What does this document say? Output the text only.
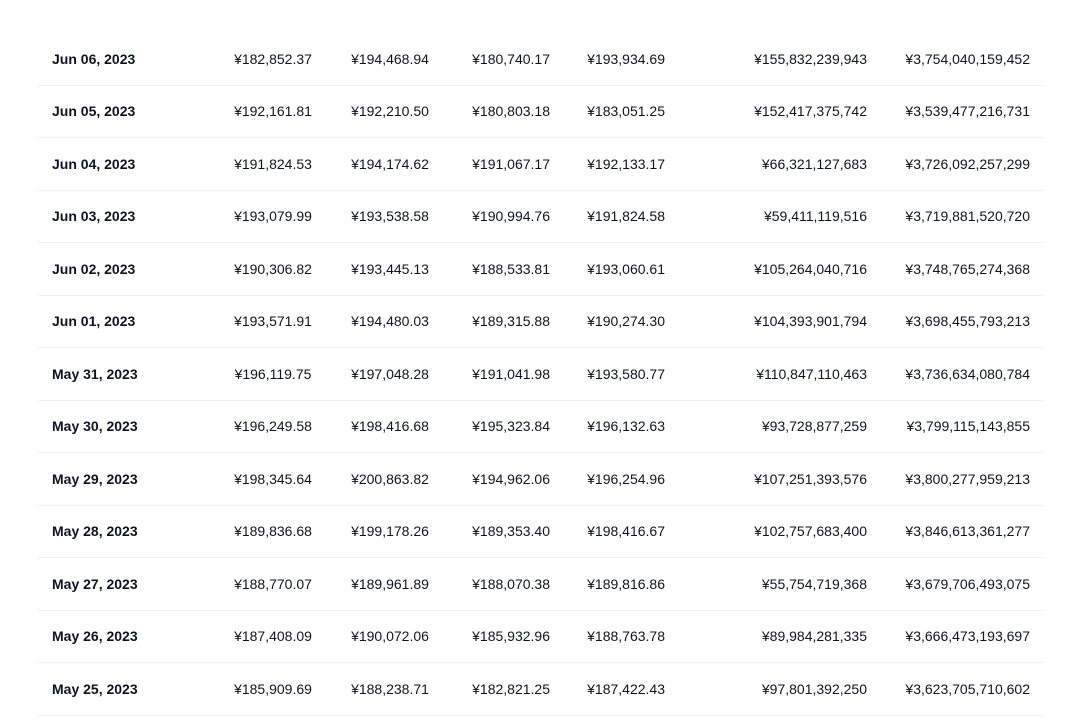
Jun 06, 2023	¥182,852.37	¥194,468.94	¥180,740.17	¥193,934.69	¥155,832,239,943	¥3,754,040,159,452
Jun 05, 2023	¥192,161.81	¥192,210.50	¥180,803.18	¥183,051.25	¥152,417,375,742	¥3,539,477,216,731
Jun 04, 2023	¥191,824.53	¥194,174.62	¥191,067.17	¥192,133.17	¥66,321,127,683	¥3,726,092,257,299
Jun 03, 2023	¥193,079.99	¥193,538.58	¥190,994.76	¥191,824.58	¥59,411,119,516	¥3,719,881,520,720
Jun 02, 2023	¥190,306.82	¥193,445.13	¥188,533.81	¥193,060.61	¥105,264,040,716	¥3,748,765,274,368
Jun 01, 2023	¥193,571.91	¥194,480.03	¥189,315.88	¥190,274.30	¥104,393,901,794	¥3,698,455,793,213
May 31, 2023	¥196,119.75	¥197,048.28	¥191,041.98	¥193,580.77	¥110,847,110,463	¥3,736,634,080,784
May 30, 2023	¥196,249.58	¥198,416.68	¥195,323.84	¥196,132.63	¥93,728,877,259	¥3,799,115,143,855
May 29, 2023	¥198,345.64	¥200,863.82	¥194,962.06	¥196,254.96	¥107,251,393,576	¥3,800,277,959,213
May 28, 2023	¥189,836.68	¥199,178.26	¥189,353.40	¥198,416.67	¥102,757,683,400	¥3,846,613,361,277
May 27, 2023	¥188,770.07	¥189,961.89	¥188,070.38	¥189,816.86	¥55,754,719,368	¥3,679,706,493,075
May 26, 2023	¥187,408.09	¥190,072.06	¥185,932.96	¥188,763.78	¥89,984,281,335	¥3,666,473,193,697
May 25, 2023	¥185,909.69	¥188,238.71	¥182,821.25	¥187,422.43	¥97,801,392,250	¥3,623,705,710,602
